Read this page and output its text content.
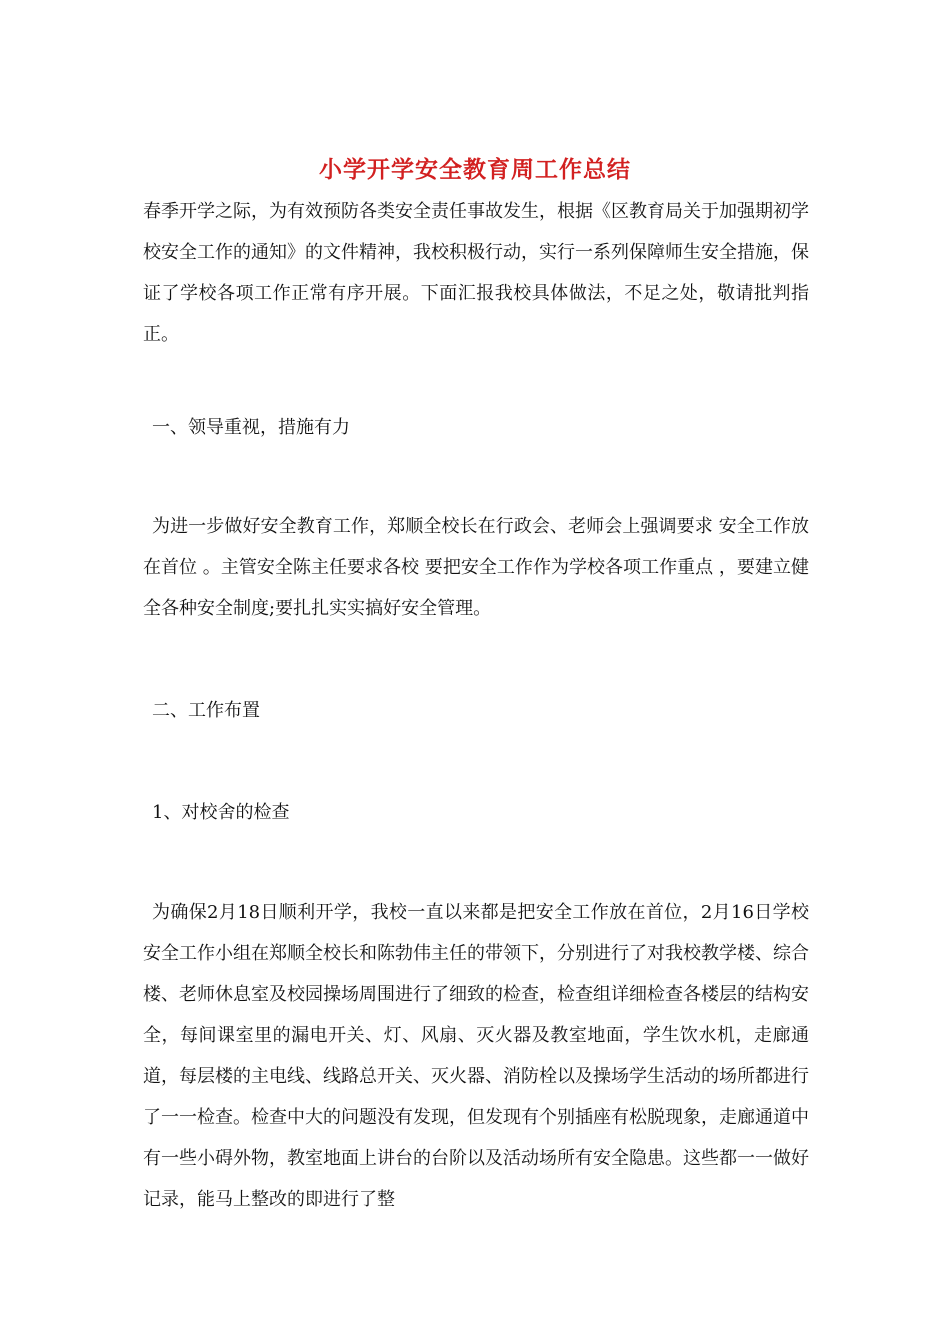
小学开学安全教育周工作总结

春季开学之际，为有效预防各类安全责任事故发生，根据《区教育局关于加强期初学校安全工作的通知》的文件精神，我校积极行动，实行一系列保障师生安全措施，保证了学校各项工作正常有序开展。下面汇报我校具体做法，不足之处，敬请批判指正。

一、领导重视，措施有力

为进一步做好安全教育工作，郑顺全校长在行政会、老师会上强调要求 安全工作放在首位 。主管安全陈主任要求各校 要把安全工作作为学校各项工作重点 ，要建立健全各种安全制度;要扎扎实实搞好安全管理。

二、工作布置

1、对校舍的检查

为确保2月18日顺利开学，我校一直以来都是把安全工作放在首位，2月16日学校安全工作小组在郑顺全校长和陈勃伟主任的带领下，分别进行了对我校教学楼、综合楼、老师休息室及校园操场周围进行了细致的检查，检查组详细检查各楼层的结构安全，每间课室里的漏电开关、灯、风扇、灭火器及教室地面，学生饮水机，走廊通道，每层楼的主电线、线路总开关、灭火器、消防栓以及操场学生活动的场所都进行了一一检查。检查中大的问题没有发现，但发现有个别插座有松脱现象，走廊通道中有一些小碍外物，教室地面上讲台的台阶以及活动场所有安全隐患。这些都一一做好记录，能马上整改的即进行了整
